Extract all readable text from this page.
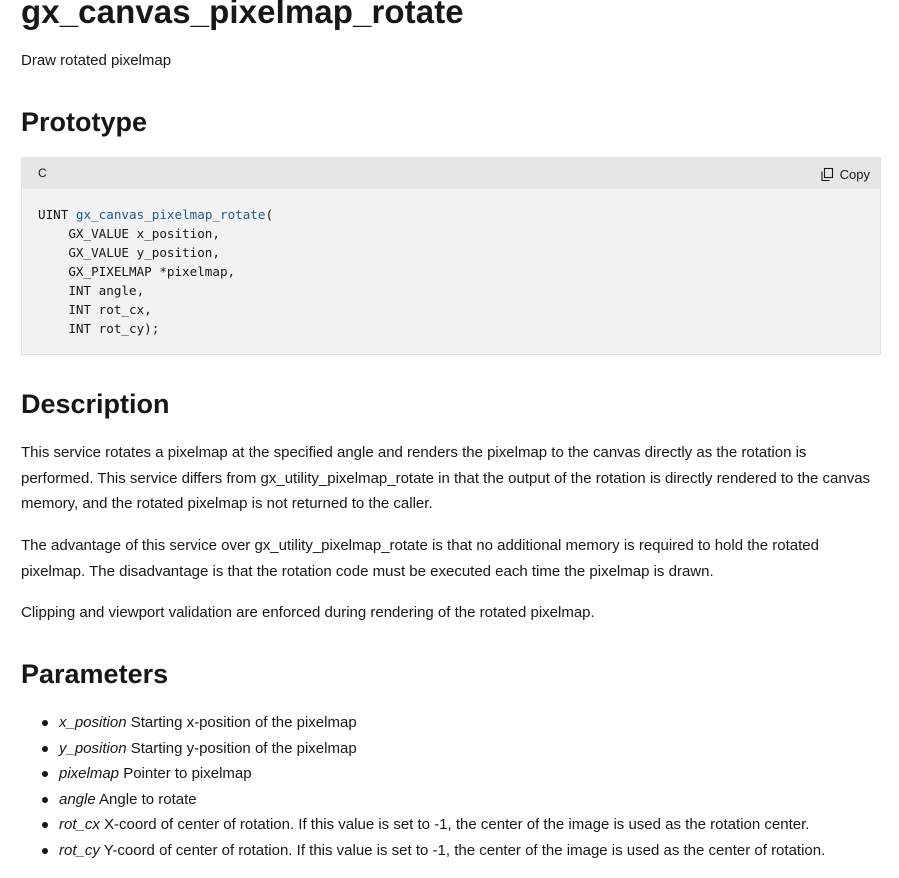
gx_canvas_pixelmap_rotate
Draw rotated pixelmap
Prototype
C	Copy
UINT gx_canvas_pixelmap_rotate(
GX_VALUE x_position,
GX_VALUE y_position,
GX_PIXELMAP *pixelmap,
INT angle,
INT rot_cx,
INT rot_cy);
Description

This service rotates a pixelmap at the specified angle and renders the pixelmap to the canvas directly as the rotation is performed. This service differs from gx_utility_pixelmap_rotate in that the output of the rotation is directly rendered to the canvas memory, and the rotated pixelmap is not returned to the caller.

The advantage of this service over gx_utility_pixelmap_rotate is that no additional memory is required to hold the rotated pixelmap. The disadvantage is that the rotation code must be executed each time the pixelmap is drawn.

Clipping and viewport validation are enforced during rendering of the rotated pixelmap.

Parameters
x_position Starting x-position of the pixelmap
y_position Starting y-position of the pixelmap
pixelmap Pointer to pixelmap
angle Angle to rotate
rot_cx X-coord of center of rotation. If this value is set to -1, the center of the image is used as the rotation center.
rot_cy Y-coord of center of rotation. If this value is set to -1, the center of the image is used as the center of rotation.
